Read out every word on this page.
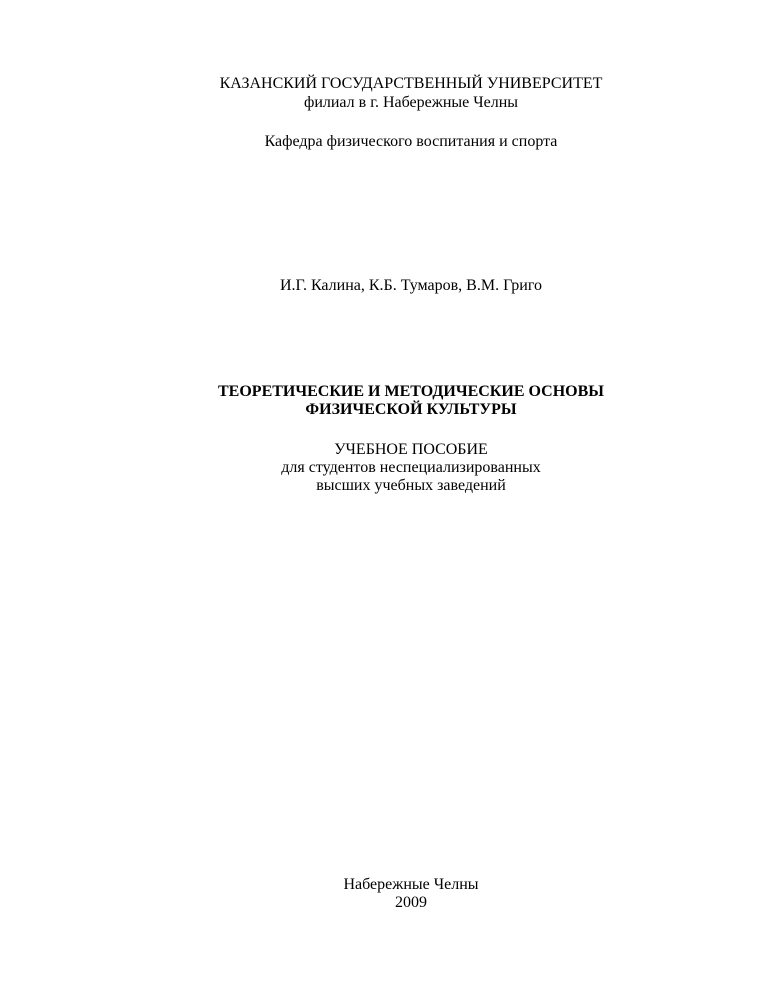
КАЗАНСКИЙ ГОСУДАРСТВЕННЫЙ УНИВЕРСИТЕТ
филиал в г. Набережные Челны
Кафедра физического воспитания и спорта
И.Г. Калина, К.Б. Тумаров, В.М. Григо
ТЕОРЕТИЧЕСКИЕ И МЕТОДИЧЕСКИЕ ОСНОВЫ
ФИЗИЧЕСКОЙ КУЛЬТУРЫ
УЧЕБНОЕ ПОСОБИЕ
для студентов неспециализированных
высших учебных заведений
Набережные Челны
2009
